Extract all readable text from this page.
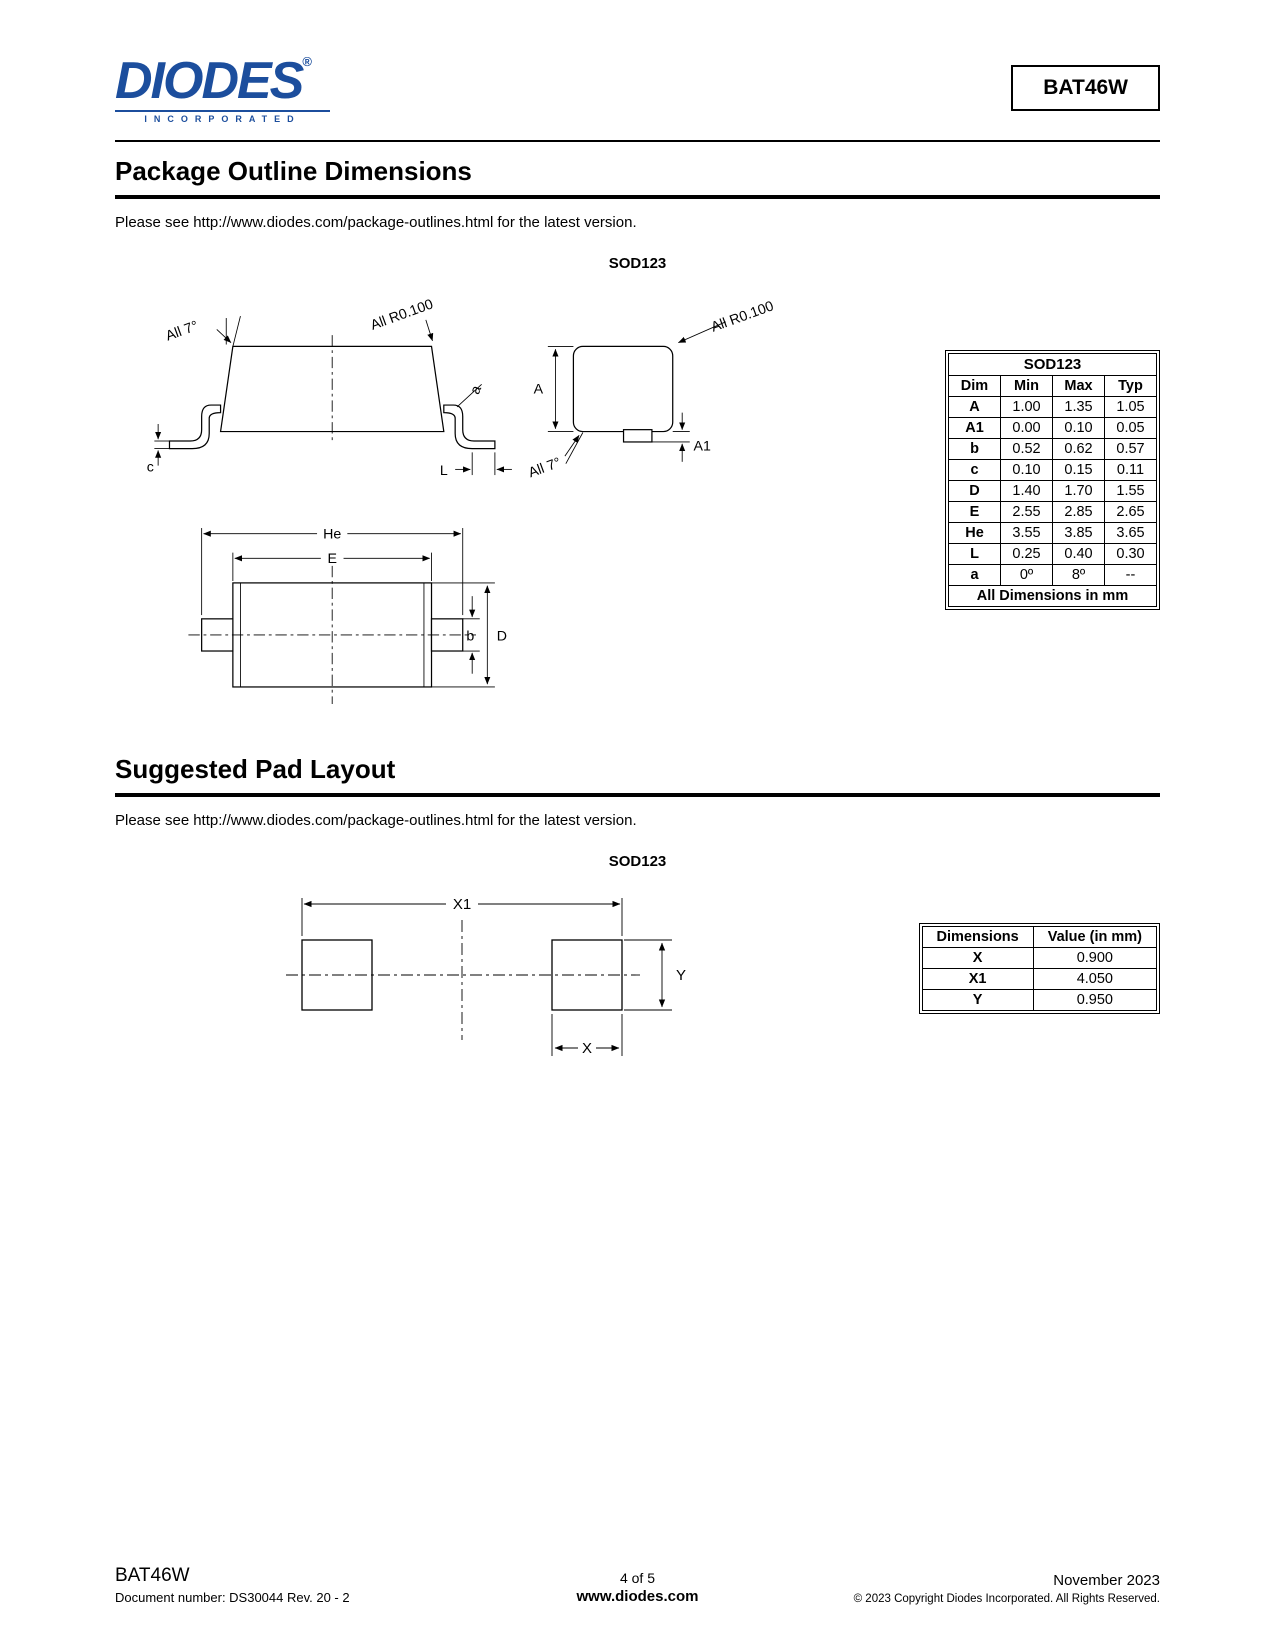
DIODES®
INCORPORATED
BAT46W
Package Outline Dimensions
Please see http://www.diodes.com/package-outlines.html for the latest version.
SOD123
All 7°	All R0.100
a
c	L
A
A1
All R0.100
All 7°
He
E
b D
SOD123			
Dim	Min	Max	Typ
A	1.00	1.35	1.05
A1	0.00	0.10	0.05
b	0.52	0.62	0.57
c	0.10	0.15	0.11
D	1.40	1.70	1.55
E	2.55	2.85	2.65
He	3.55	3.85	3.65
L	0.25	0.40	0.30
a	0º	8º	--
All Dimensions in mm			
Suggested Pad Layout
Please see http://www.diodes.com/package-outlines.html for the latest version.
SOD123
X1
Y
X
Dimensions	Value (in mm)
X	0.900
X1	4.050
Y	0.950
BAT46W
Document number: DS30044 Rev. 20 - 2
4 of 5
www.diodes.com
November 2023
© 2023 Copyright Diodes Incorporated. All Rights Reserved.
